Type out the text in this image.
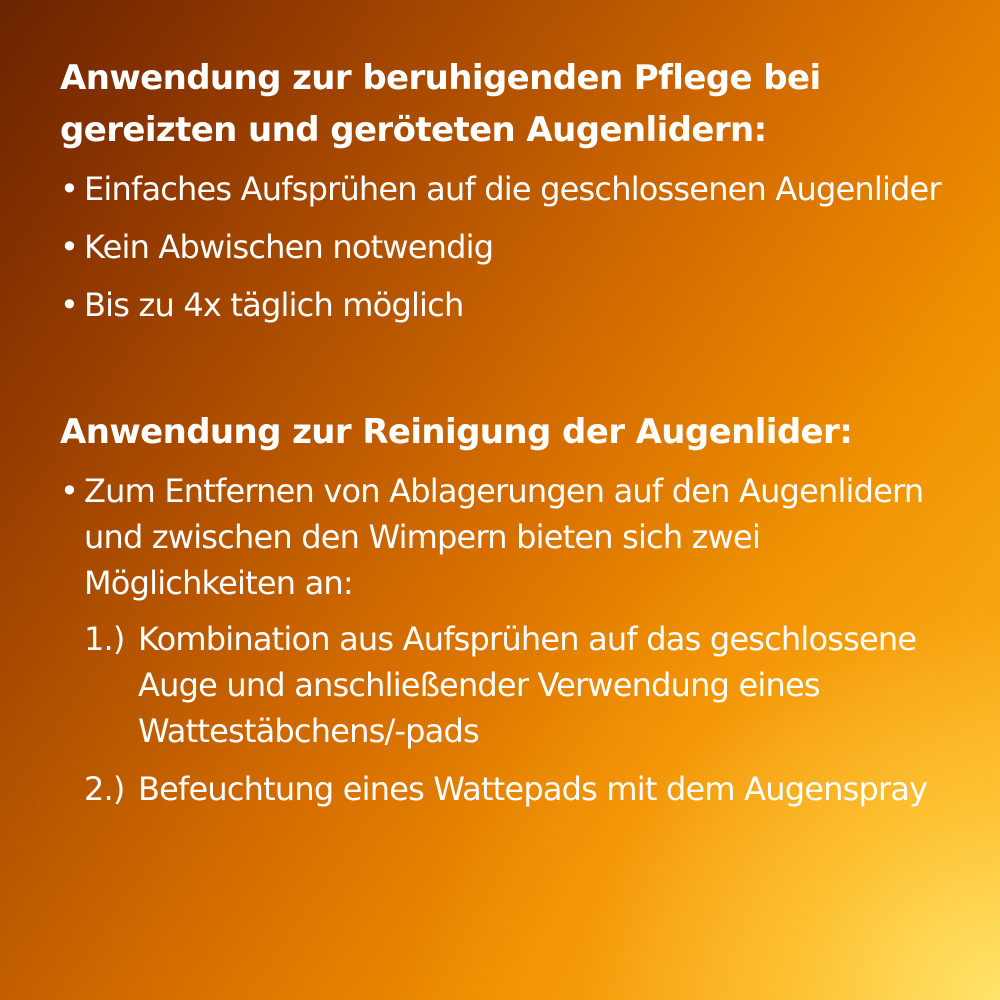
Anwendung zur beruhigenden Pflege bei
gereizten und geröteten Augenlidern:
• Einfaches Aufsprühen auf die geschlossenen Augenlider
• Kein Abwischen notwendig
• Bis zu 4x täglich möglich
Anwendung zur Reinigung der Augenlider:
• Zum Entfernen von Ablagerungen auf den Augenlidern und zwischen den Wimpern bieten sich zwei Möglichkeiten an:
1.) Kombination aus Aufsprühen auf das geschlossene Auge und anschließender Verwendung eines Wattestäbchens/-pads
2.) Befeuchtung eines Wattepads mit dem Augenspray
